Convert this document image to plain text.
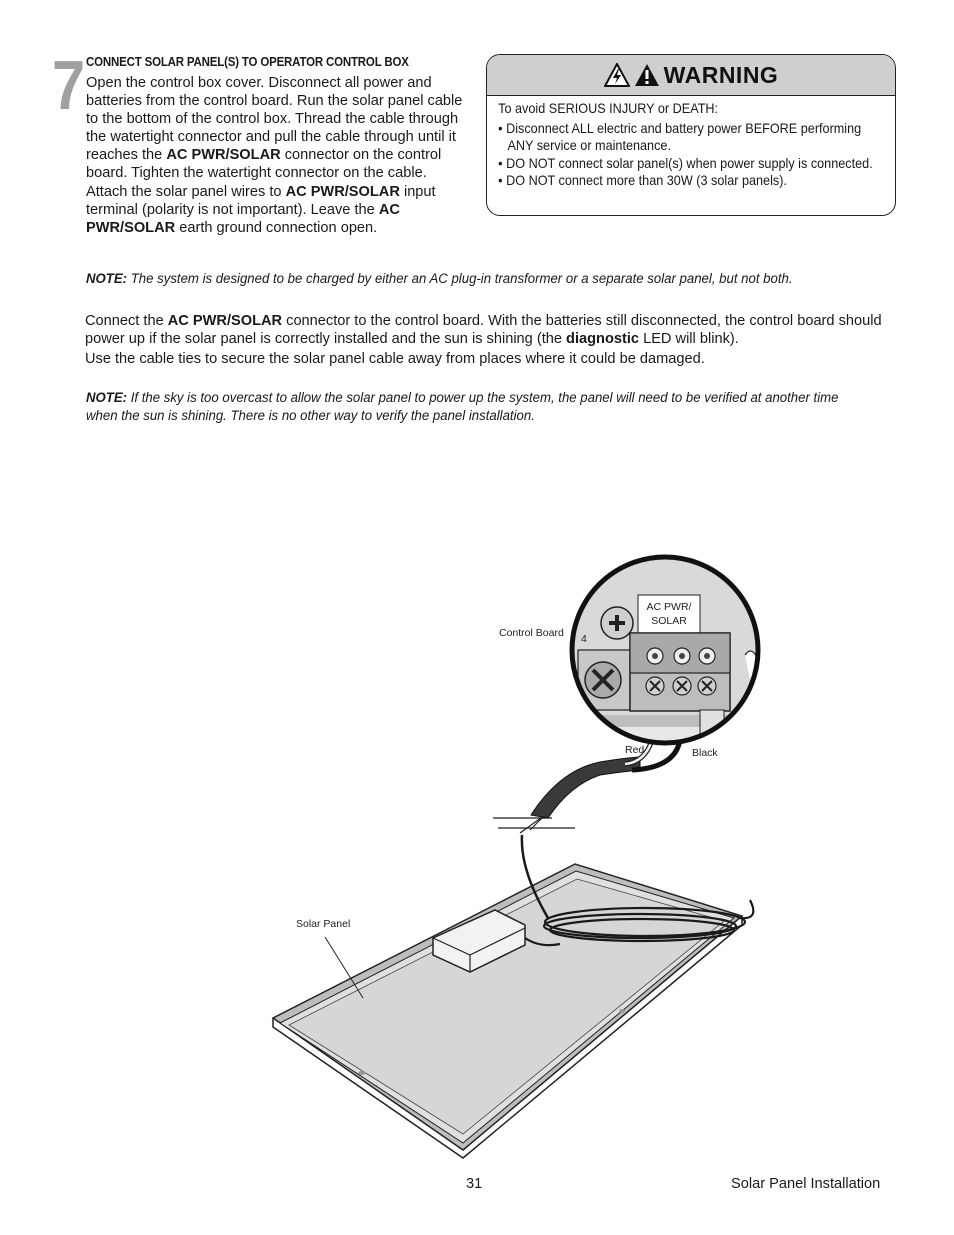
7 CONNECT SOLAR PANEL(S) TO OPERATOR CONTROL BOX
Open the control box cover. Disconnect all power and batteries from the control board. Run the solar panel cable to the bottom of the control box. Thread the cable through the watertight connector and pull the cable through until it reaches the AC PWR/SOLAR connector on the control board. Tighten the watertight connector on the cable. Attach the solar panel wires to AC PWR/SOLAR input terminal (polarity is not important). Leave the AC PWR/SOLAR earth ground connection open.
WARNING
To avoid SERIOUS INJURY or DEATH:
• Disconnect ALL electric and battery power BEFORE performing ANY service or maintenance.
• DO NOT connect solar panel(s) when power supply is connected.
• DO NOT connect more than 30W (3 solar panels).
NOTE: The system is designed to be charged by either an AC plug-in transformer or a separate solar panel, but not both.
Connect the AC PWR/SOLAR connector to the control board. With the batteries still disconnected, the control board should power up if the solar panel is correctly installed and the sun is shining (the diagnostic LED will blink).
Use the cable ties to secure the solar panel cable away from places where it could be damaged.
NOTE: If the sky is too overcast to allow the solar panel to power up the system, the panel will need to be verified at another time
when the sun is shining. There is no other way to verify the panel installation.
Control Board 4
AC PWR/
SOLAR
Red	Black
Solar Panel
31	Solar Panel Installation
